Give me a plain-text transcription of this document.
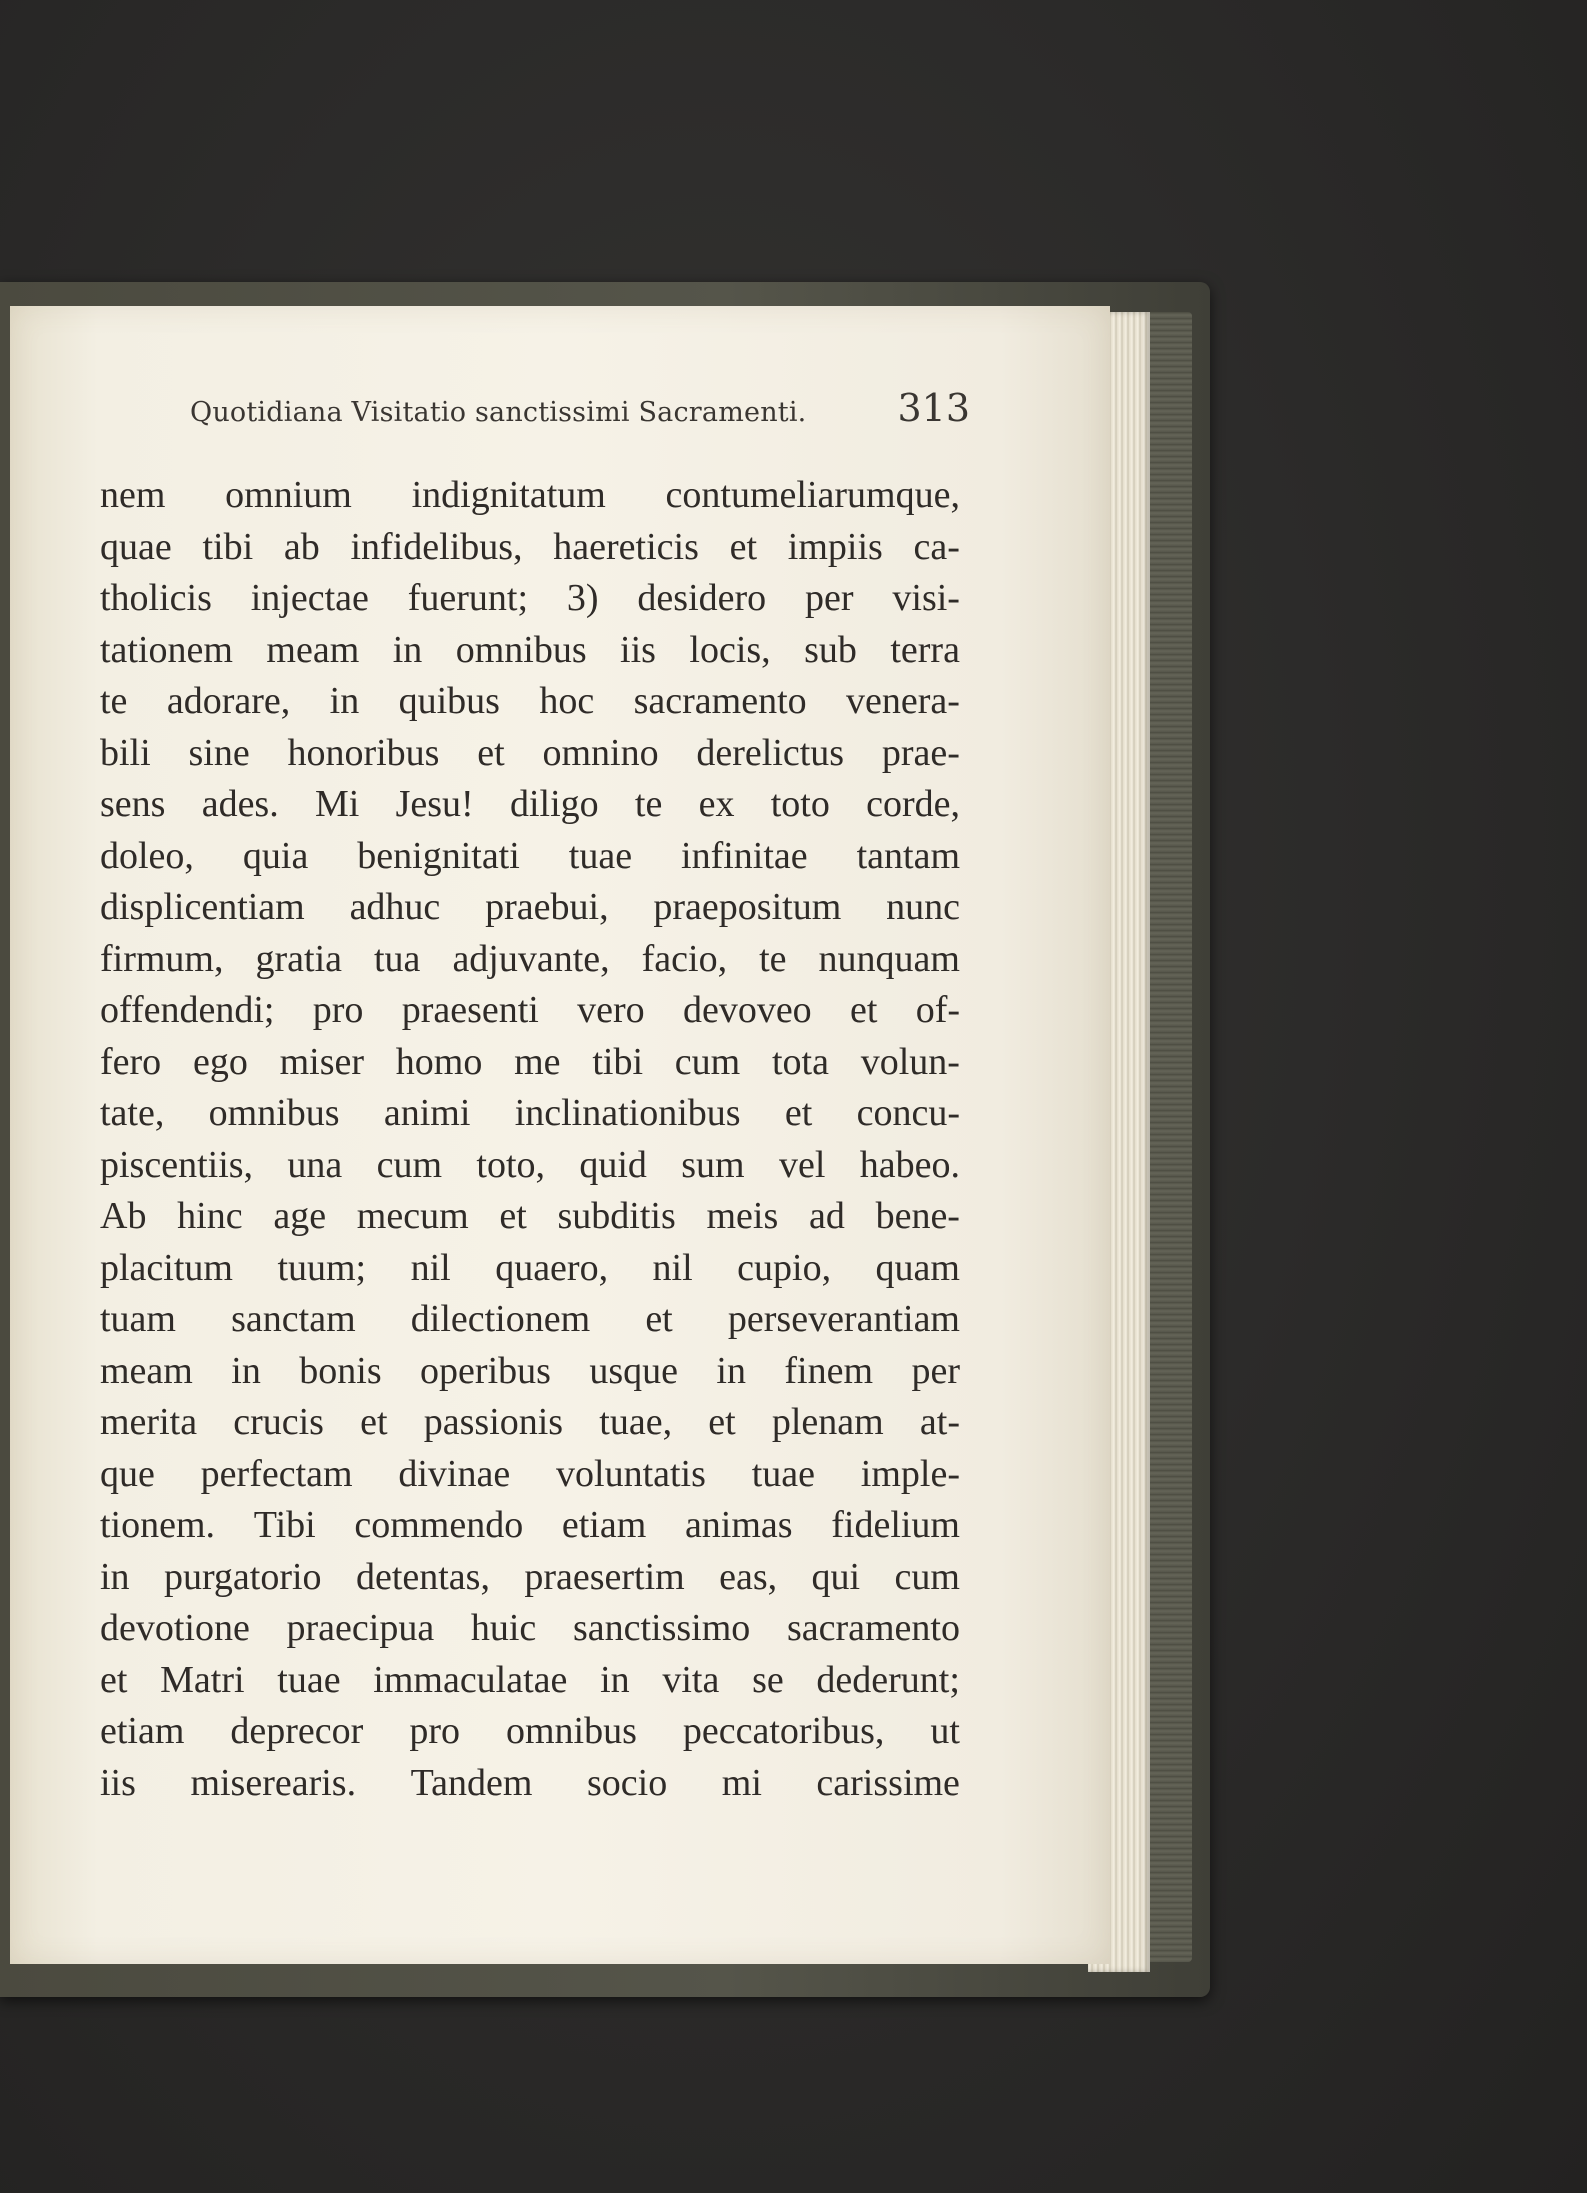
Quotidiana Visitatio sanctissimi Sacramenti. 313
nem omnium indignitatum contumeliarumque,
quae tibi ab infidelibus, haereticis et impiis ca-
tholicis injectae fuerunt; 3) desidero per visi-
tationem meam in omnibus iis locis, sub terra
te adorare, in quibus hoc sacramento venera-
bili sine honoribus et omnino derelictus prae-
sens ades. Mi Jesu! diligo te ex toto corde,
doleo, quia benignitati tuae infinitae tantam
displicentiam adhuc praebui, praepositum nunc
firmum, gratia tua adjuvante, facio, te nunquam
offendendi; pro praesenti vero devoveo et of-
fero ego miser homo me tibi cum tota volun-
tate, omnibus animi inclinationibus et concu-
piscentiis, una cum toto, quid sum vel habeo.
Ab hinc age mecum et subditis meis ad bene-
placitum tuum; nil quaero, nil cupio, quam
tuam sanctam dilectionem et perseverantiam
meam in bonis operibus usque in finem per
merita crucis et passionis tuae, et plenam at-
que perfectam divinae voluntatis tuae imple-
tionem. Tibi commendo etiam animas fidelium
in purgatorio detentas, praesertim eas, qui cum
devotione praecipua huic sanctissimo sacramento
et Matri tuae immaculatae in vita se dederunt;
etiam deprecor pro omnibus peccatoribus, ut
iis miserearis. Tandem socio mi carissime
